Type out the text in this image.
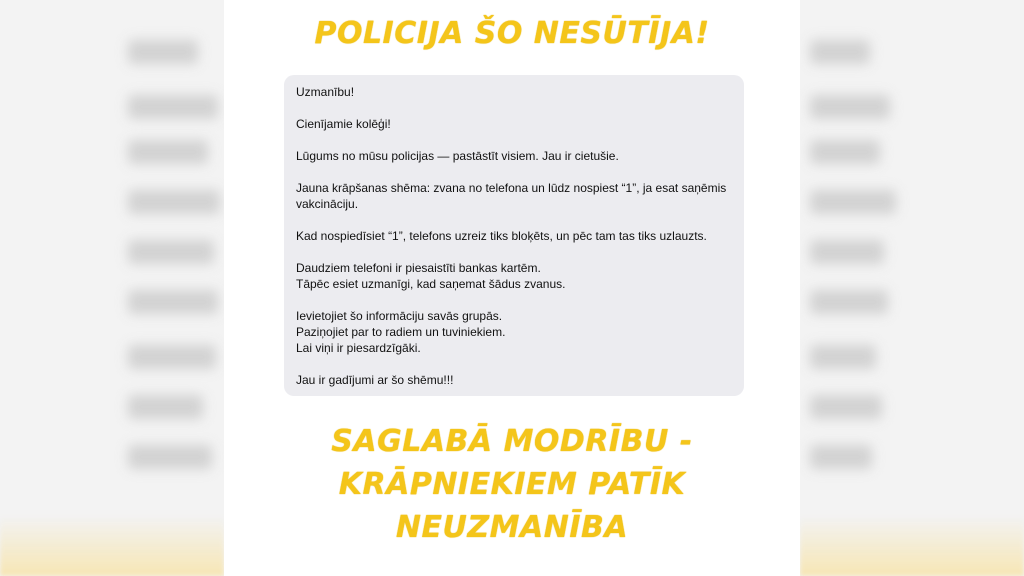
POLICIJA ŠO NESŪTĪJA!
Uzmanību!
Cienījamie kolēģi!
Lūgums no mūsu policijas — pastāstīt visiem. Jau ir cietušie.
Jauna krāpšanas shēma: zvana no telefona un lūdz nospiest “1”, ja esat saņēmis
vakcināciju.
Kad nospiedīsiet “1”, telefons uzreiz tiks bloķēts, un pēc tam tas tiks uzlauzts.
Daudziem telefoni ir piesaistīti bankas kartēm.
Tāpēc esiet uzmanīgi, kad saņemat šādus zvanus.
Ievietojiet šo informāciju savās grupās.
Paziņojiet par to radiem un tuviniekiem.
Lai viņi ir piesardzīgāki.
Jau ir gadījumi ar šo shēmu!!!
SAGLABĀ MODRĪBU -
KRĀPNIEKIEM PATĪK
NEUZMANĪBA
